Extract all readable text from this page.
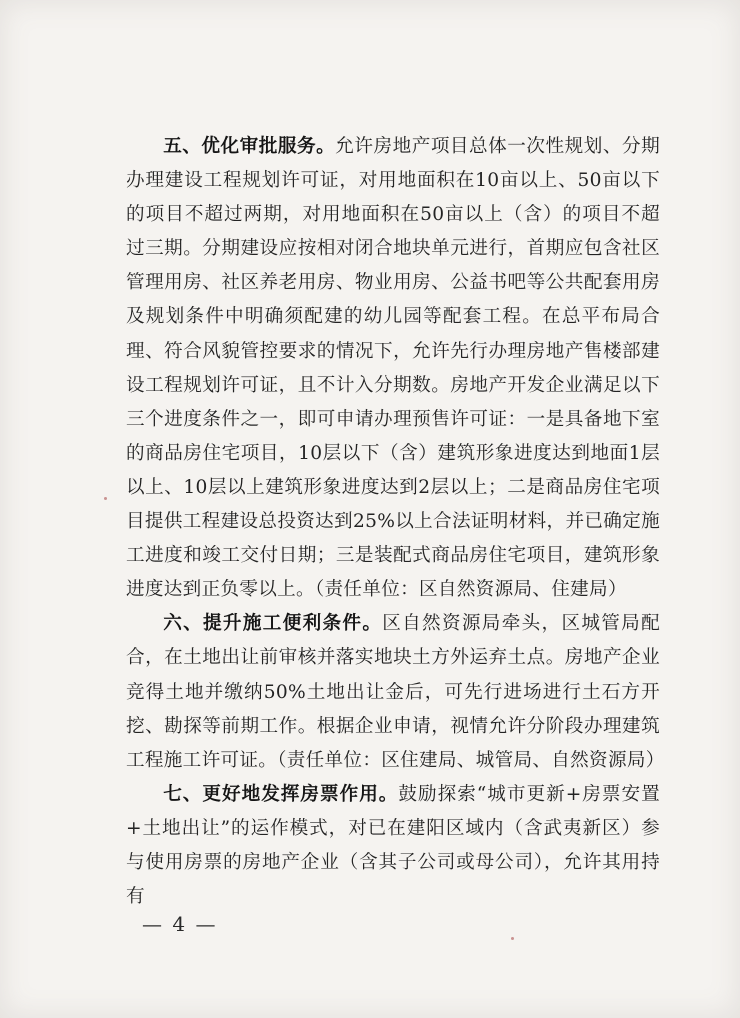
五、优化审批服务。允许房地产项目总体一次性规划、分期办理建设工程规划许可证，对用地面积在10亩以上、50亩以下的项目不超过两期，对用地面积在50亩以上（含）的项目不超过三期。分期建设应按相对闭合地块单元进行，首期应包含社区管理用房、社区养老用房、物业用房、公益书吧等公共配套用房及规划条件中明确须配建的幼儿园等配套工程。在总平布局合理、符合风貌管控要求的情况下，允许先行办理房地产售楼部建设工程规划许可证，且不计入分期数。房地产开发企业满足以下三个进度条件之一，即可申请办理预售许可证：一是具备地下室的商品房住宅项目，10层以下（含）建筑形象进度达到地面1层以上、10层以上建筑形象进度达到2层以上；二是商品房住宅项目提供工程建设总投资达到25%以上合法证明材料，并已确定施工进度和竣工交付日期；三是装配式商品房住宅项目，建筑形象进度达到正负零以上。（责任单位：区自然资源局、住建局）

六、提升施工便利条件。区自然资源局牵头，区城管局配合，在土地出让前审核并落实地块土方外运弃土点。房地产企业竞得土地并缴纳50%土地出让金后，可先行进场进行土石方开挖、勘探等前期工作。根据企业申请，视情允许分阶段办理建筑工程施工许可证。（责任单位：区住建局、城管局、自然资源局）

七、更好地发挥房票作用。鼓励探索“城市更新+房票安置+土地出让”的运作模式，对已在建阳区域内（含武夷新区）参与使用房票的房地产企业（含其子公司或母公司），允许其用持有

— 4 —
